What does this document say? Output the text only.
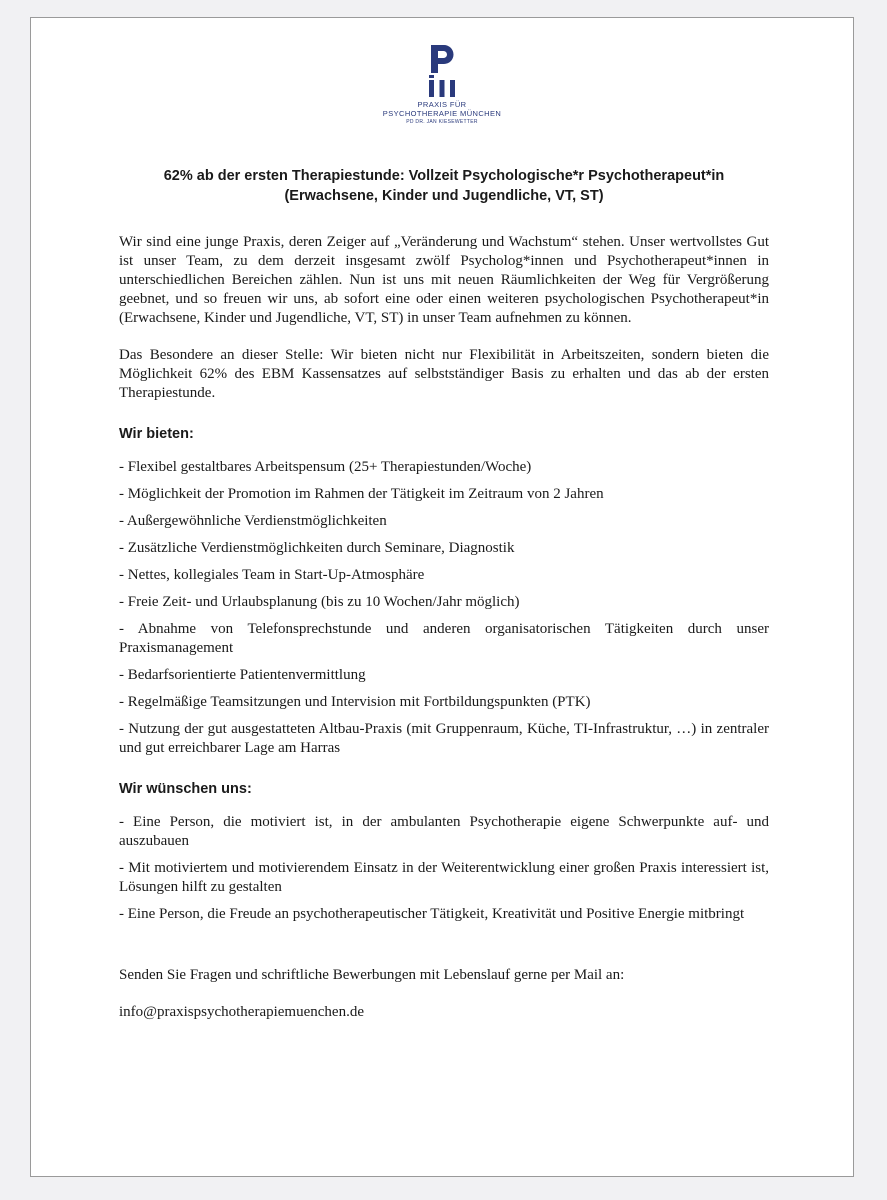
PRAXIS FÜR
PSYCHOTHERAPIE MÜNCHEN
PD DR. JAN KIESEWETTER
62% ab der ersten Therapiestunde: Vollzeit Psychologische*r Psychotherapeut*in
(Erwachsene, Kinder und Jugendliche, VT, ST)

Wir sind eine junge Praxis, deren Zeiger auf „Veränderung und Wachstum“ stehen. Unser wertvollstes Gut ist unser Team, zu dem derzeit insgesamt zwölf Psycholog*innen und Psychotherapeut*innen in unterschiedlichen Bereichen zählen. Nun ist uns mit neuen Räumlichkeiten der Weg für Vergrößerung geebnet, und so freuen wir uns, ab sofort eine oder einen weiteren psychologischen Psychotherapeut*in (Erwachsene, Kinder und Jugendliche, VT, ST) in unser Team aufnehmen zu können.

Das Besondere an dieser Stelle: Wir bieten nicht nur Flexibilität in Arbeitszeiten, sondern bieten die Möglichkeit 62% des EBM Kassensatzes auf selbstständiger Basis zu erhalten und das ab der ersten Therapiestunde.

Wir bieten:
- Flexibel gestaltbares Arbeitspensum (25+ Therapiestunden/Woche)
- Möglichkeit der Promotion im Rahmen der Tätigkeit im Zeitraum von 2 Jahren
- Außergewöhnliche Verdienstmöglichkeiten
- Zusätzliche Verdienstmöglichkeiten durch Seminare, Diagnostik
- Nettes, kollegiales Team in Start-Up-Atmosphäre
- Freie Zeit- und Urlaubsplanung (bis zu 10 Wochen/Jahr möglich)
- Abnahme von Telefonsprechstunde und anderen organisatorischen Tätigkeiten durch unser Praxismanagement
- Bedarfsorientierte Patientenvermittlung
- Regelmäßige Teamsitzungen und Intervision mit Fortbildungspunkten (PTK)
- Nutzung der gut ausgestatteten Altbau-Praxis (mit Gruppenraum, Küche, TI-Infrastruktur, …) in zentraler und gut erreichbarer Lage am Harras
Wir wünschen uns:
- Eine Person, die motiviert ist, in der ambulanten Psychotherapie eigene Schwerpunkte auf- und auszubauen
- Mit motiviertem und motivierendem Einsatz in der Weiterentwicklung einer großen Praxis interessiert ist, Lösungen hilft zu gestalten
- Eine Person, die Freude an psychotherapeutischer Tätigkeit, Kreativität und Positive Energie mitbringt
Senden Sie Fragen und schriftliche Bewerbungen mit Lebenslauf gerne per Mail an:
info@praxispsychotherapiemuenchen.de
